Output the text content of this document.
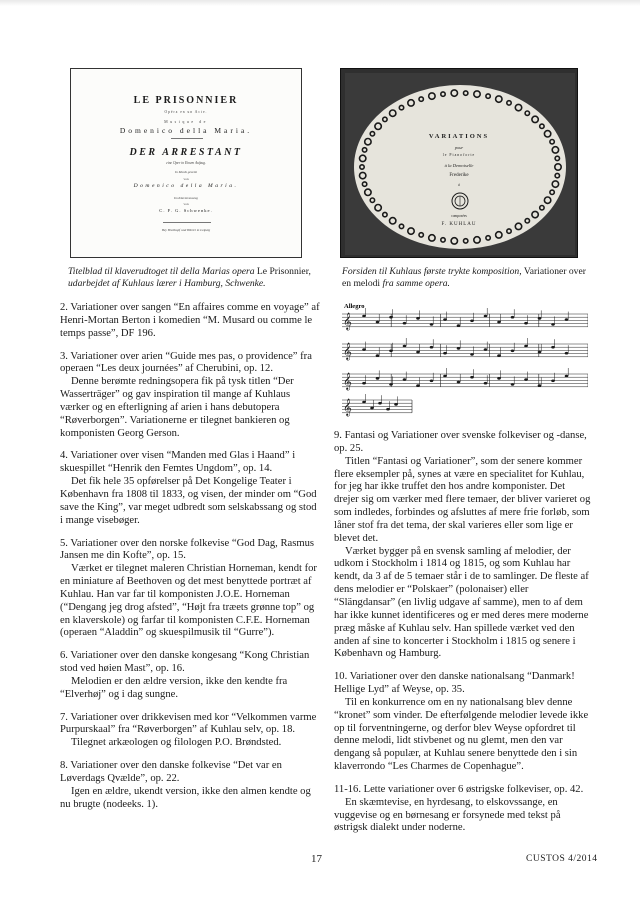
LE PRISONNIER
Opéra en un Acte.
Musique de
Domenico della Maria.
DER ARRESTANT
eine Oper in Einem Aufzug.
In Musik gesetzt
von
Domenico della Maria.
Im Klavierauszug
von
C. F. G. Schwenke.
Bey Breitkopf und Härtel in Leipzig
Titelblad til klaverudtoget til della Marias opera Le Prisonnier, udarbejdet af Kuhlaus lærer i Hamburg, Schwenke.

2. Variationer over sangen “En affaires comme en voyage” af Henri-Mortan Berton i komedien “M. Musard ou comme le temps passe”, DF 196.

3. Variationer over arien “Guide mes pas, o providence” fra operaen “Les deux journées” af Cherubini, op. 12.

Denne berømte redningsopera fik på tysk titlen “Der Wasserträger” og gav inspiration til mange af Kuhlaus værker og en efterligning af arien i hans debutopera “Røverborgen”. Variationerne er tilegnet bankieren og komponisten Georg Gerson.

4. Variationer over visen “Manden med Glas i Haand” i skuespillet “Henrik den Femtes Ungdom”, op. 14.

Det fik hele 35 opførelser på Det Kongelige Teater i København fra 1808 til 1833, og visen, der minder om “God save the King”, var meget udbredt som selskabssang og stod i mange visebøger.

5. Variationer over den norske folkevise “God Dag, Rasmus Jansen me din Kofte”, op. 15.

Værket er tilegnet maleren Christian Horneman, kendt for en miniature af Beethoven og det mest benyttede portræt af Kuhlau. Han var far til komponisten J.O.E. Horneman (“Dengang jeg drog afsted”, “Højt fra træets grønne top” og en klaverskole) og farfar til komponisten C.F.E. Horneman (operaen “Aladdin” og skuespilmusik til “Gurre”).

6. Variationer over den danske kongesang “Kong Christian stod ved høien Mast”, op. 16.

Melodien er den ældre version, ikke den kendte fra “Elverhøj” og i dag sungne.

7. Variationer over drikkevisen med kor “Velkommen varme Purpurskaal” fra “Røverborgen” af Kuhlau selv, op. 18.

Tilegnet arkæologen og filologen P.O. Brøndsted.

8. Variationer over den danske folkevise “Det var en Løverdags Qvælde”, op. 22.

Igen en ældre, ukendt version, ikke den almen kendte og nu brugte (nodeeks. 1).

VARIATIONS
pour
le Pianoforte
à la Demoiselle
Frederike
à
composées
F. KUHLAU
Forsiden til Kuhlaus første trykte komposition, Variationer over en melodi fra samme opera.
Allegro
𝄞
𝄞
𝄞
𝄞

9. Fantasi og Variationer over svenske folkeviser og -danse, op. 25.

Titlen “Fantasi og Variationer”, som der senere kommer flere eksempler på, synes at være en specialitet for Kuhlau, for jeg har ikke truffet den hos andre komponister. Det drejer sig om værker med flere temaer, der bliver varieret og som indledes, forbindes og afsluttes af mere frie forløb, som låner stof fra det tema, der skal varieres eller som lige er blevet det.

Værket bygger på en svensk samling af melodier, der udkom i Stockholm i 1814 og 1815, og som Kuhlau har kendt, da 3 af de 5 temaer står i de to samlinger. De fleste af dens melodier er “Polskaer” (polonaiser) eller “Slängdansar” (en livlig udgave af samme), men to af dem har ikke kunnet identificeres og er med deres mere moderne præg måske af Kuhlau selv. Han spillede værket ved den anden af sine to koncerter i Stockholm i 1815 og senere i København og Hamburg.

10. Variationer over den danske nationalsang “Danmark! Hellige Lyd” af Weyse, op. 35.

Til en konkurrence om en ny nationalsang blev denne “kronet” som vinder. De efterfølgende melodier levede ikke op til forventningerne, og derfor blev Weyse opfordret til denne melodi, lidt stivbenet og nu glemt, men den var dengang så populær, at Kuhlau senere benyttede den i sin klaverrondo “Les Charmes de Copenhague”.

11-16. Lette variationer over 6 østrigske folkeviser, op. 42.

En skæmtevise, en hyrdesang, to elskovssange, en vuggevise og en børnesang er forsynede med tekst på østrigsk dialekt under noderne.

17	CUSTOS 4/2014
